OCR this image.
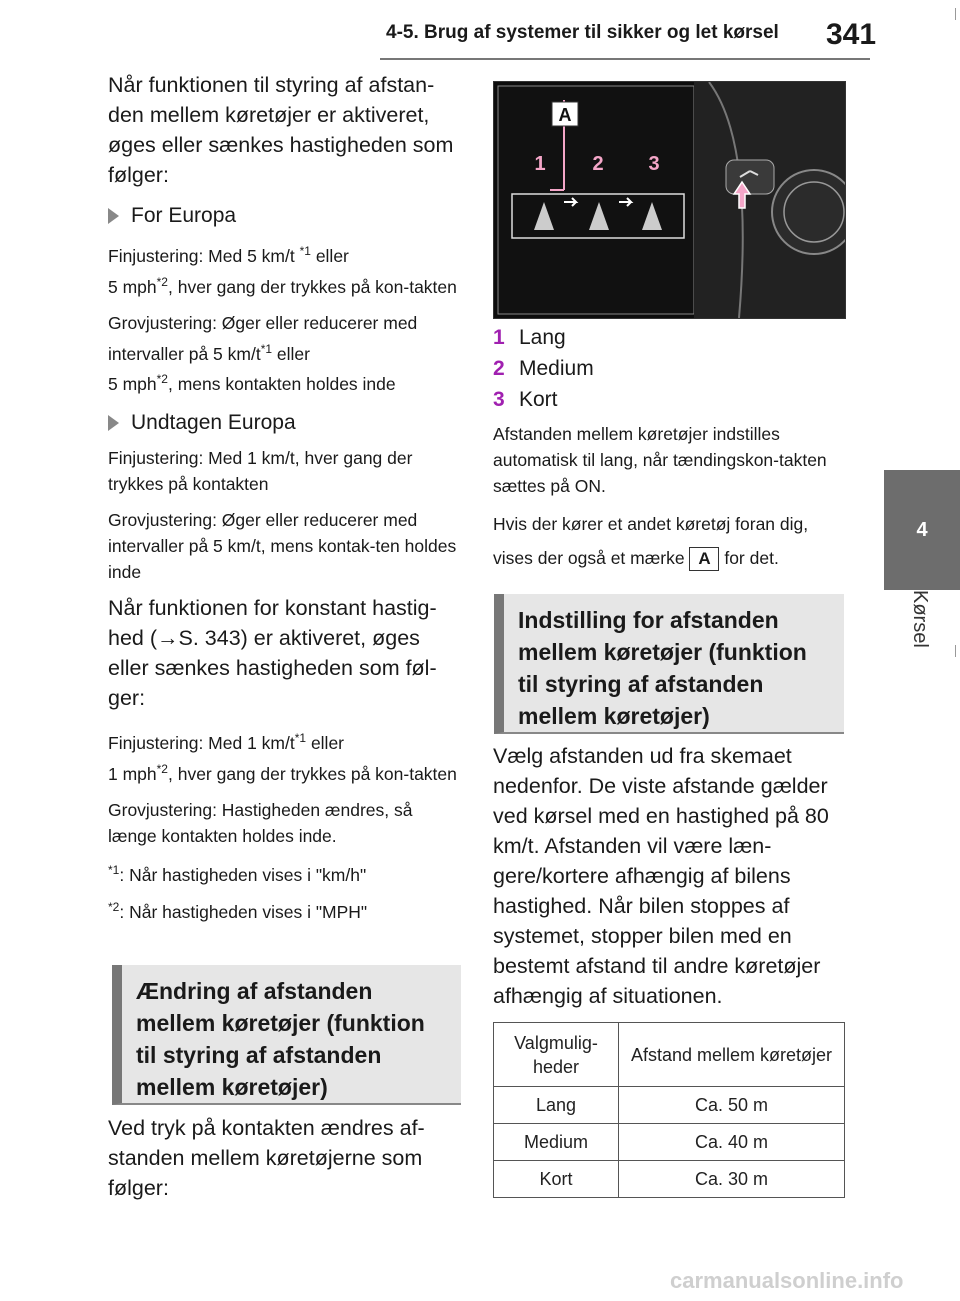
4-5. Brug af systemer til sikker og let kørsel 341
4
Kørsel

Når funktionen til styring af afstan-den mellem køretøjer er aktiveret, øges eller sænkes hastigheden som følger:

For Europa

Finjustering: Med 5 km/t $^{*1}$ eller
5 mph$^{*2}$, hver gang der trykkes på kon-takten

Grovjustering: Øger eller reducerer med intervaller på 5 $km/t^{*1}$ eller
5 mph$^{*2}$, mens kontakten holdes inde

Undtagen Europa

Finjustering: Med 1 km/t, hver gang der trykkes på kontakten

Grovjustering: Øger eller reducerer med intervaller på 5 km/t, mens kontak-ten holdes inde

Når funktionen for konstant hastig-hed (→S. 343) er aktiveret, øges eller sænkes hastigheden som føl-ger:

Finjustering: Med 1 $km/t^{*1}$ eller
1 mph$^{*2}$, hver gang der trykkes på kon-takten

Grovjustering: Hastigheden ændres, så længe kontakten holdes inde.

$^{*1}$: Når hastigheden vises i "km/h"

$^{*2}$: Når hastigheden vises i "MPH"

Ændring af afstanden mellem køretøjer (funktion til styring af afstanden mellem køretøjer)

Ved tryk på kontakten ændres af-standen mellem køretøjerne som følger:

A
1 2 3
1 Lang
2 Medium
3 Kort

Afstanden mellem køretøjer indstilles automatisk til lang, når tændingskon-takten sættes på ON.

Hvis der kører et andet køretøj foran dig, vises der også et mærke A for det.

Indstilling for afstanden mellem køretøjer (funktion til styring af afstanden mellem køretøjer)

Vælg afstanden ud fra skemaet nedenfor. De viste afstande gælder ved kørsel med en hastighed på 80 km/t. Afstanden vil være læn-gere/kortere afhængig af bilens hastighed. Når bilen stoppes af systemet, stopper bilen med en bestemt afstand til andre køretøjer afhængig af situationen.

Valgmulig-heder	Afstand mellem køretøjer
Lang	Ca. 50 m
Medium	Ca. 40 m
Kort	Ca. 30 m
carmanualsonline.info
